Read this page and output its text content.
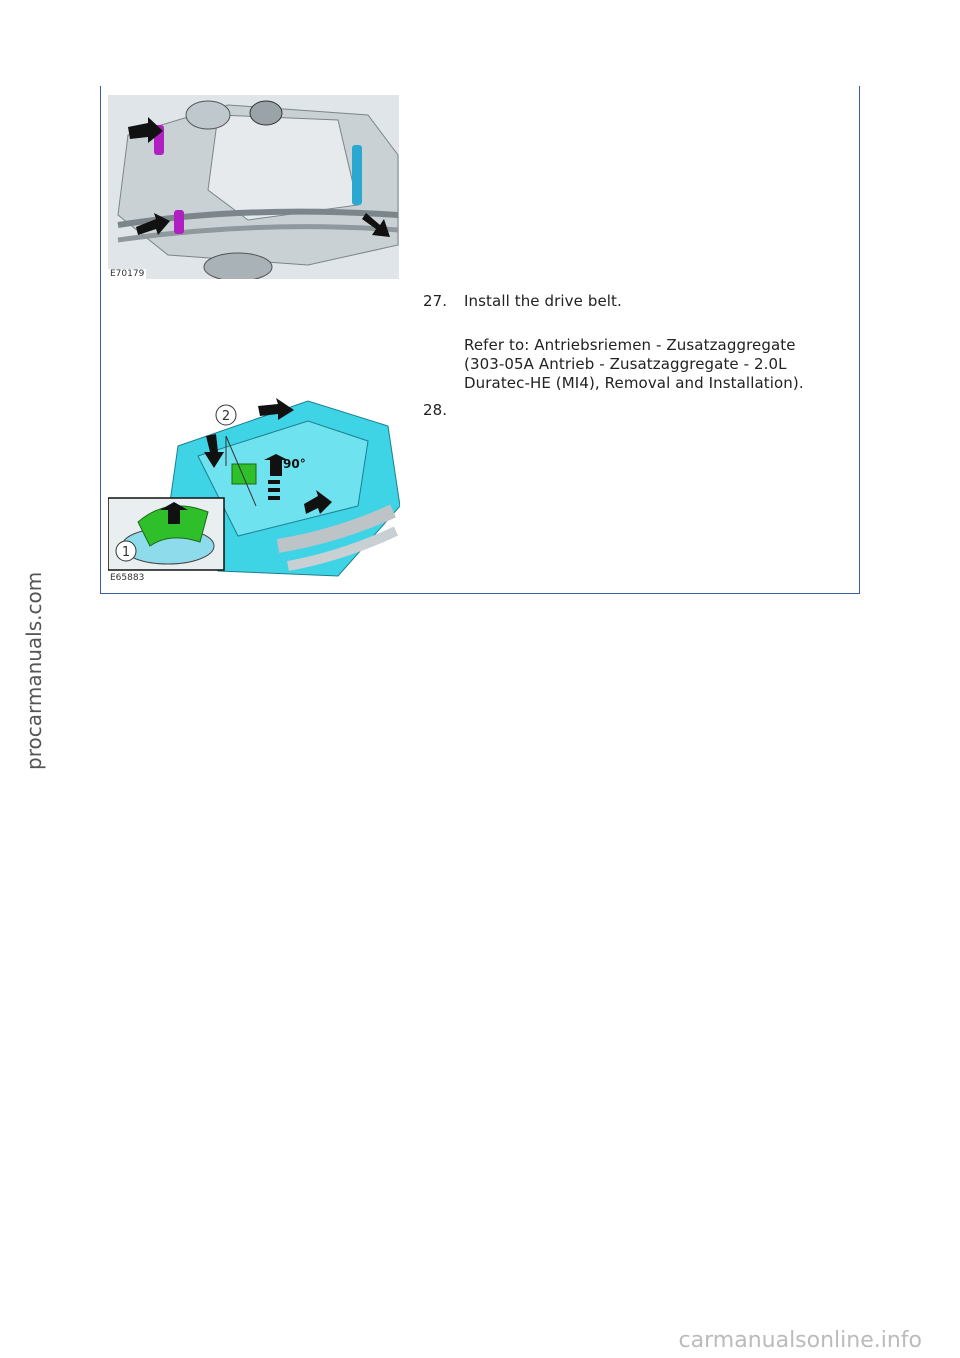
E70179
2
90°
1
E65883
27.	Install the drive belt.
Refer to: Antriebsriemen - Zusatzaggregate
(303-05A Antrieb - Zusatzaggregate - 2.0L
Duratec-HE (MI4), Removal and Installation).
28.
procarmanuals.com
carmanualsonline.info
